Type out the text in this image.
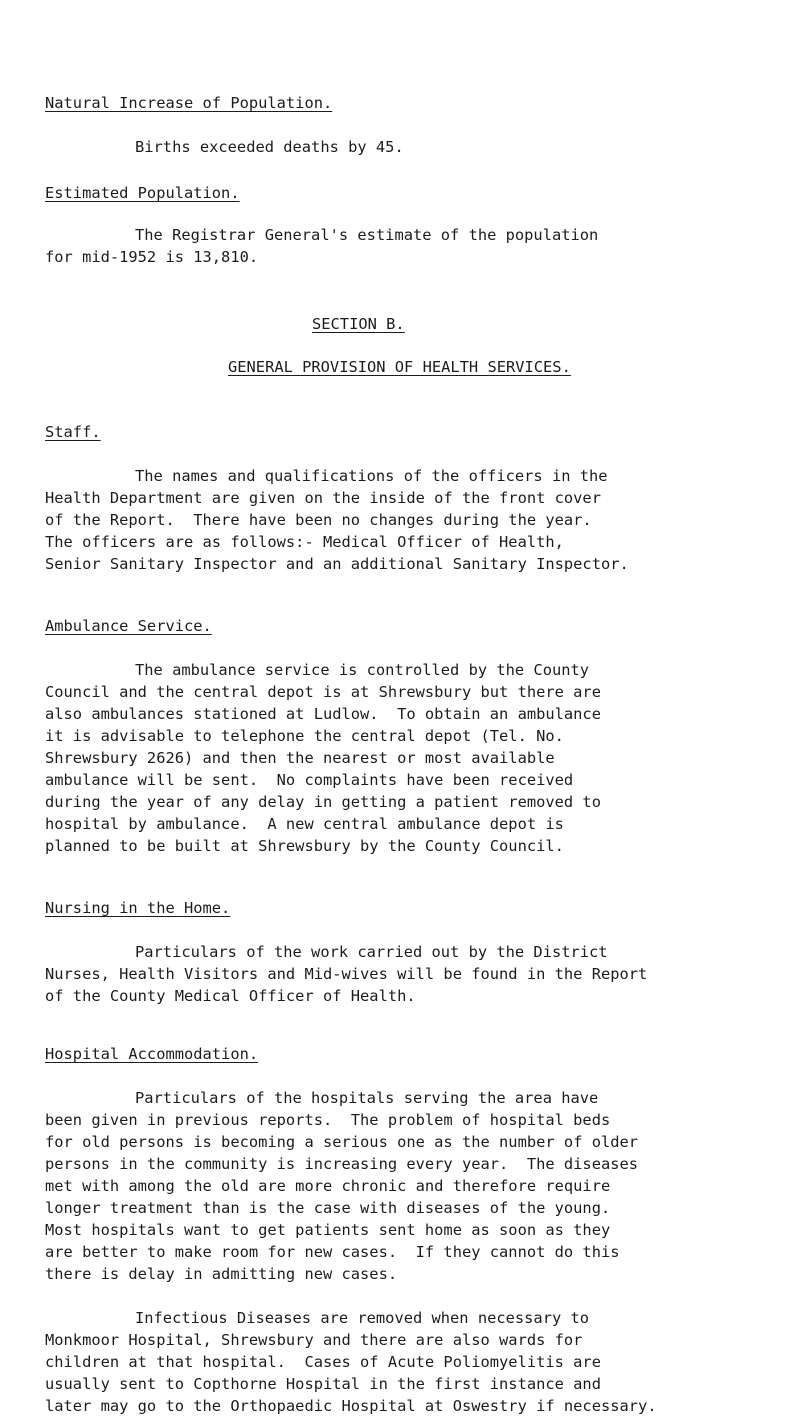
Natural Increase of Population.
Births exceeded deaths by 45.
Estimated Population.
The Registrar General's estimate of the population
for mid-1952 is 13,810.
SECTION B.
GENERAL PROVISION OF HEALTH SERVICES.
Staff.
The names and qualifications of the officers in the
Health Department are given on the inside of the front cover
of the Report.  There have been no changes during the year.
The officers are as follows:- Medical Officer of Health,
Senior Sanitary Inspector and an additional Sanitary Inspector.
Ambulance Service.
The ambulance service is controlled by the County
Council and the central depot is at Shrewsbury but there are
also ambulances stationed at Ludlow.  To obtain an ambulance
it is advisable to telephone the central depot (Tel. No.
Shrewsbury 2626) and then the nearest or most available
ambulance will be sent.  No complaints have been received
during the year of any delay in getting a patient removed to
hospital by ambulance.  A new central ambulance depot is
planned to be built at Shrewsbury by the County Council.
Nursing in the Home.
Particulars of the work carried out by the District
Nurses, Health Visitors and Mid-wives will be found in the Report
of the County Medical Officer of Health.
Hospital Accommodation.
Particulars of the hospitals serving the area have
been given in previous reports.  The problem of hospital beds
for old persons is becoming a serious one as the number of older
persons in the community is increasing every year.  The diseases
met with among the old are more chronic and therefore require
longer treatment than is the case with diseases of the young.
Most hospitals want to get patients sent home as soon as they
are better to make room for new cases.  If they cannot do this
there is delay in admitting new cases.
Infectious Diseases are removed when necessary to
Monkmoor Hospital, Shrewsbury and there are also wards for
children at that hospital.  Cases of Acute Poliomyelitis are
usually sent to Copthorne Hospital in the first instance and
later may go to the Orthopaedic Hospital at Oswestry if necessary.
